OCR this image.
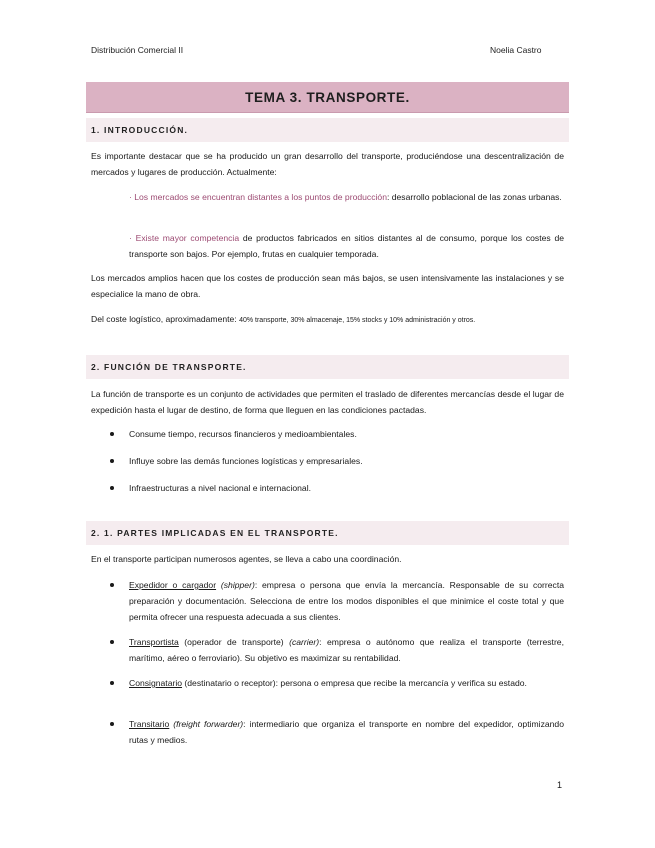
Distribución Comercial II	Noelia Castro
TEMA 3. TRANSPORTE.
1. INTRODUCCIÓN.
Es importante destacar que se ha producido un gran desarrollo del transporte, produciéndose una descentralización de mercados y lugares de producción. Actualmente:
· Los mercados se encuentran distantes a los puntos de producción: desarrollo poblacional de las zonas urbanas.
· Existe mayor competencia de productos fabricados en sitios distantes al de consumo, porque los costes de transporte son bajos. Por ejemplo, frutas en cualquier temporada.
Los mercados amplios hacen que los costes de producción sean más bajos, se usen intensivamente las instalaciones y se especialice la mano de obra.
Del coste logístico, aproximadamente: 40% transporte, 30% almacenaje, 15% stocks y 10% administración y otros.
2. FUNCIÓN DE TRANSPORTE.
La función de transporte es un conjunto de actividades que permiten el traslado de diferentes mercancías desde el lugar de expedición hasta el lugar de destino, de forma que lleguen en las condiciones pactadas.
Consume tiempo, recursos financieros y medioambientales.
Influye sobre las demás funciones logísticas y empresariales.
Infraestructuras a nivel nacional e internacional.
2. 1. PARTES IMPLICADAS EN EL TRANSPORTE.
En el transporte participan numerosos agentes, se lleva a cabo una coordinación.
Expedidor o cargador (shipper): empresa o persona que envía la mercancía. Responsable de su correcta preparación y documentación. Selecciona de entre los modos disponibles el que minimice el coste total y que permita ofrecer una respuesta adecuada a sus clientes.
Transportista (operador de transporte) (carrier): empresa o autónomo que realiza el transporte (terrestre, marítimo, aéreo o ferroviario). Su objetivo es maximizar su rentabilidad.
Consignatario (destinatario o receptor): persona o empresa que recibe la mercancía y verifica su estado.
Transitario (freight forwarder): intermediario que organiza el transporte en nombre del expedidor, optimizando rutas y medios.
1
